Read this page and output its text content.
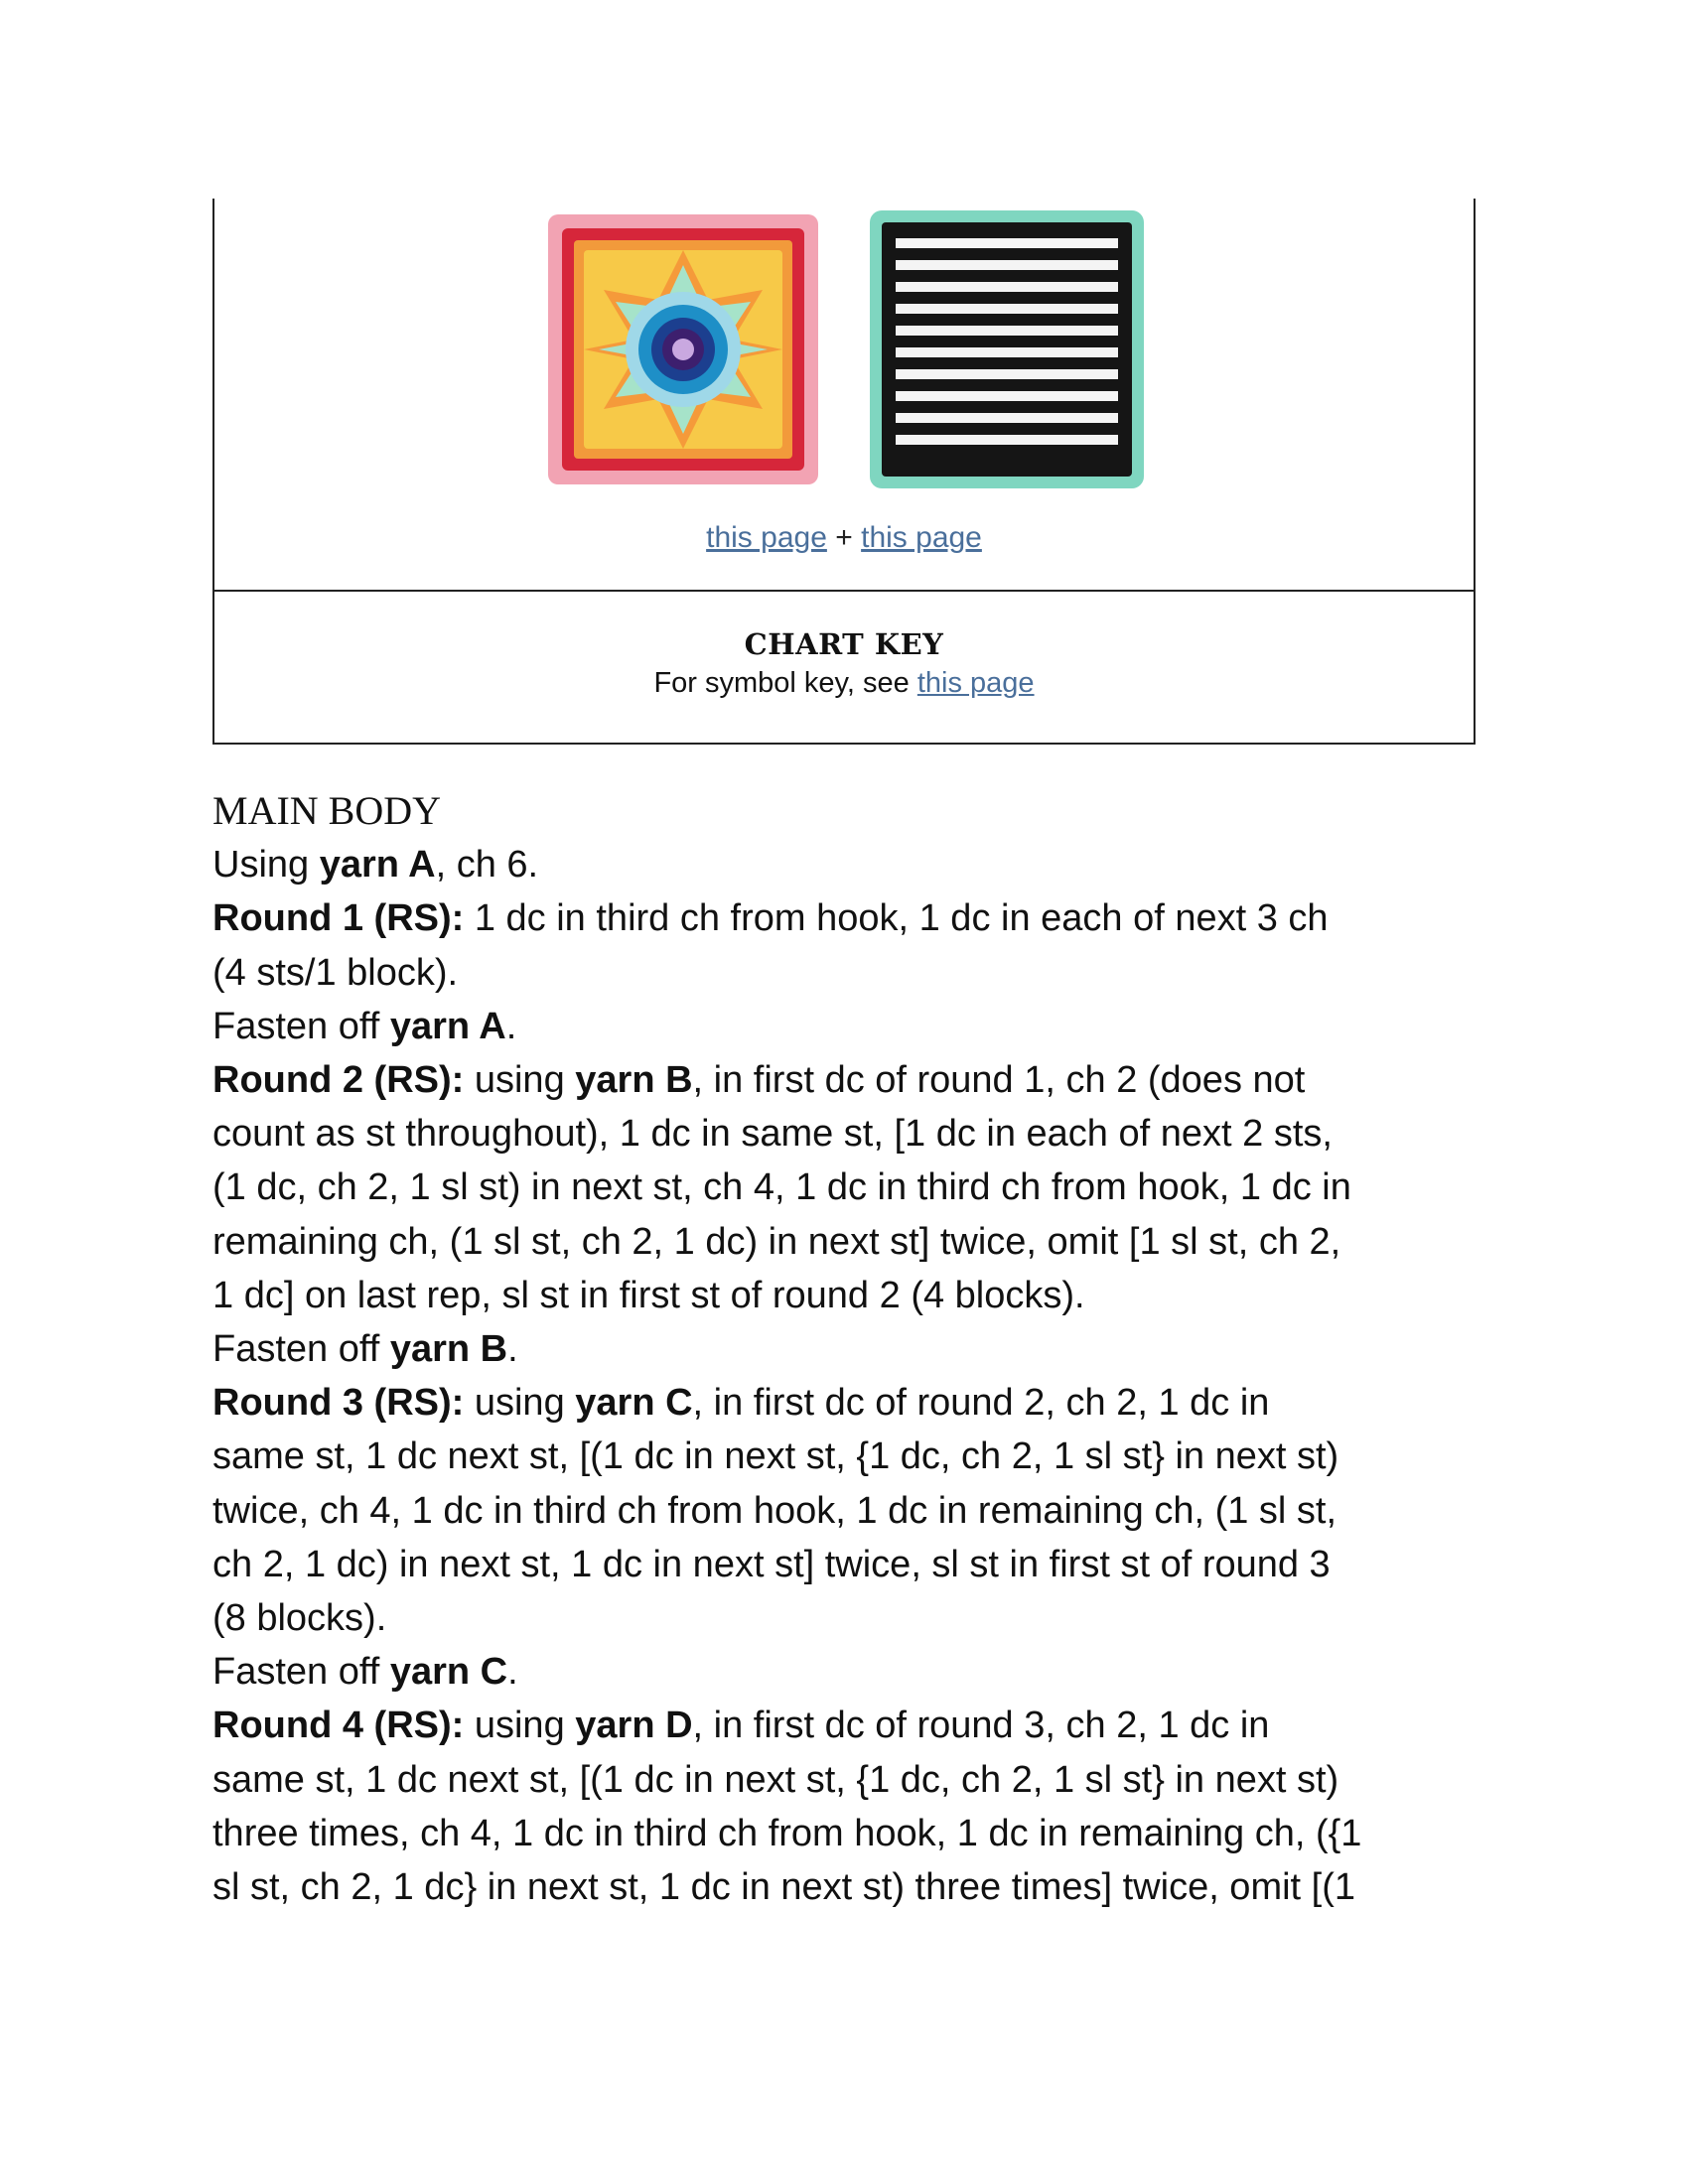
this page + this page
CHART KEY
For symbol key, see this page
MAIN BODY
Using yarn A, ch 6.
Round 1 (RS): 1 dc in third ch from hook, 1 dc in each of next 3 ch
(4 sts/1 block).
Fasten off yarn A.
Round 2 (RS): using yarn B, in first dc of round 1, ch 2 (does not
count as st throughout), 1 dc in same st, [1 dc in each of next 2 sts,
(1 dc, ch 2, 1 sl st) in next st, ch 4, 1 dc in third ch from hook, 1 dc in
remaining ch, (1 sl st, ch 2, 1 dc) in next st] twice, omit [1 sl st, ch 2,
1 dc] on last rep, sl st in first st of round 2 (4 blocks).
Fasten off yarn B.
Round 3 (RS): using yarn C, in first dc of round 2, ch 2, 1 dc in
same st, 1 dc next st, [(1 dc in next st, {1 dc, ch 2, 1 sl st} in next st)
twice, ch 4, 1 dc in third ch from hook, 1 dc in remaining ch, (1 sl st,
ch 2, 1 dc) in next st, 1 dc in next st] twice, sl st in first st of round 3
(8 blocks).
Fasten off yarn C.
Round 4 (RS): using yarn D, in first dc of round 3, ch 2, 1 dc in
same st, 1 dc next st, [(1 dc in next st, {1 dc, ch 2, 1 sl st} in next st)
three times, ch 4, 1 dc in third ch from hook, 1 dc in remaining ch, ({1
sl st, ch 2, 1 dc} in next st, 1 dc in next st) three times] twice, omit [(1
